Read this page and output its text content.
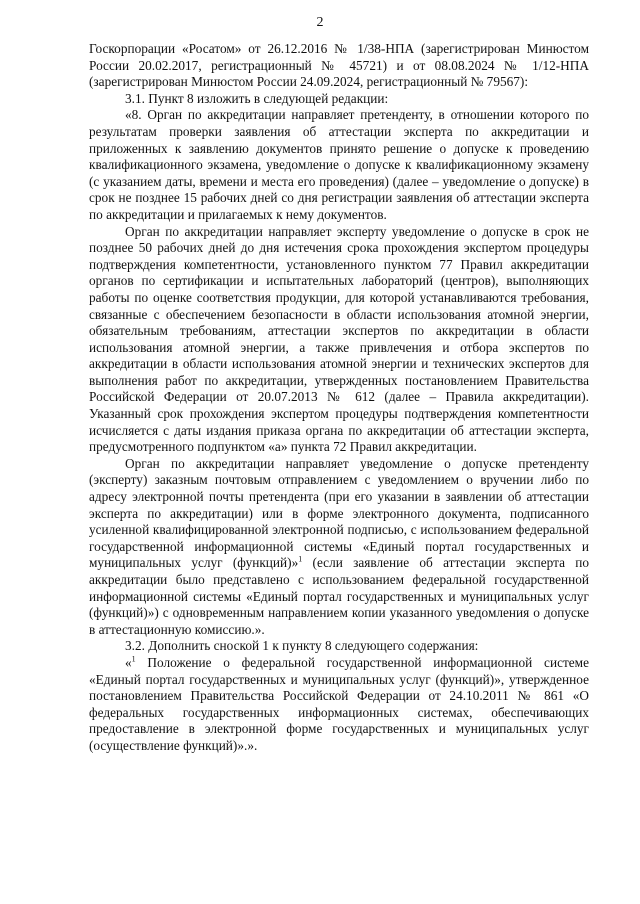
2

Госкорпорации «Росатом» от 26.12.2016 № 1/38-НПА (зарегистрирован Минюстом России 20.02.2017, регистрационный № 45721) и от 08.08.2024 № 1/12-НПА (зарегистрирован Минюстом России 24.09.2024, регистрационный № 79567):

3.1. Пункт 8 изложить в следующей редакции:

«8. Орган по аккредитации направляет претенденту, в отношении которого по результатам проверки заявления об аттестации эксперта по аккредитации и приложенных к заявлению документов принято решение о допуске к проведению квалификационного экзамена, уведомление о допуске к квалификационному экзамену (с указанием даты, времени и места его проведения) (далее – уведомление о допуске) в срок не позднее 15 рабочих дней со дня регистрации заявления об аттестации эксперта по аккредитации и прилагаемых к нему документов.

Орган по аккредитации направляет эксперту уведомление о допуске в срок не позднее 50 рабочих дней до дня истечения срока прохождения экспертом процедуры подтверждения компетентности, установленного пунктом 77 Правил аккредитации органов по сертификации и испытательных лабораторий (центров), выполняющих работы по оценке соответствия продукции, для которой устанавливаются требования, связанные с обеспечением безопасности в области использования атомной энергии, обязательным требованиям, аттестации экспертов по аккредитации в области использования атомной энергии, а также привлечения и отбора экспертов по аккредитации в области использования атомной энергии и технических экспертов для выполнения работ по аккредитации, утвержденных постановлением Правительства Российской Федерации от 20.07.2013 № 612 (далее – Правила аккредитации). Указанный срок прохождения экспертом процедуры подтверждения компетентности исчисляется с даты издания приказа органа по аккредитации об аттестации эксперта, предусмотренного подпунктом «а» пункта 72 Правил аккредитации.

Орган по аккредитации направляет уведомление о допуске претенденту (эксперту) заказным почтовым отправлением с уведомлением о вручении либо по адресу электронной почты претендента (при его указании в заявлении об аттестации эксперта по аккредитации) или в форме электронного документа, подписанного усиленной квалифицированной электронной подписью, с использованием федеральной государственной информационной системы «Единый портал государственных и муниципальных услуг (функций)»$^1$ (если заявление об аттестации эксперта по аккредитации было представлено с использованием федеральной государственной информационной системы «Единый портал государственных и муниципальных услуг (функций)») с одновременным направлением копии указанного уведомления о допуске в аттестационную комиссию.».

3.2. Дополнить сноской 1 к пункту 8 следующего содержания:

«$^1$ Положение о федеральной государственной информационной системе «Единый портал государственных и муниципальных услуг (функций)», утвержденное постановлением Правительства Российской Федерации от 24.10.2011 № 861 «О федеральных государственных информационных системах, обеспечивающих предоставление в электронной форме государственных и муниципальных услуг (осуществление функций)».».
